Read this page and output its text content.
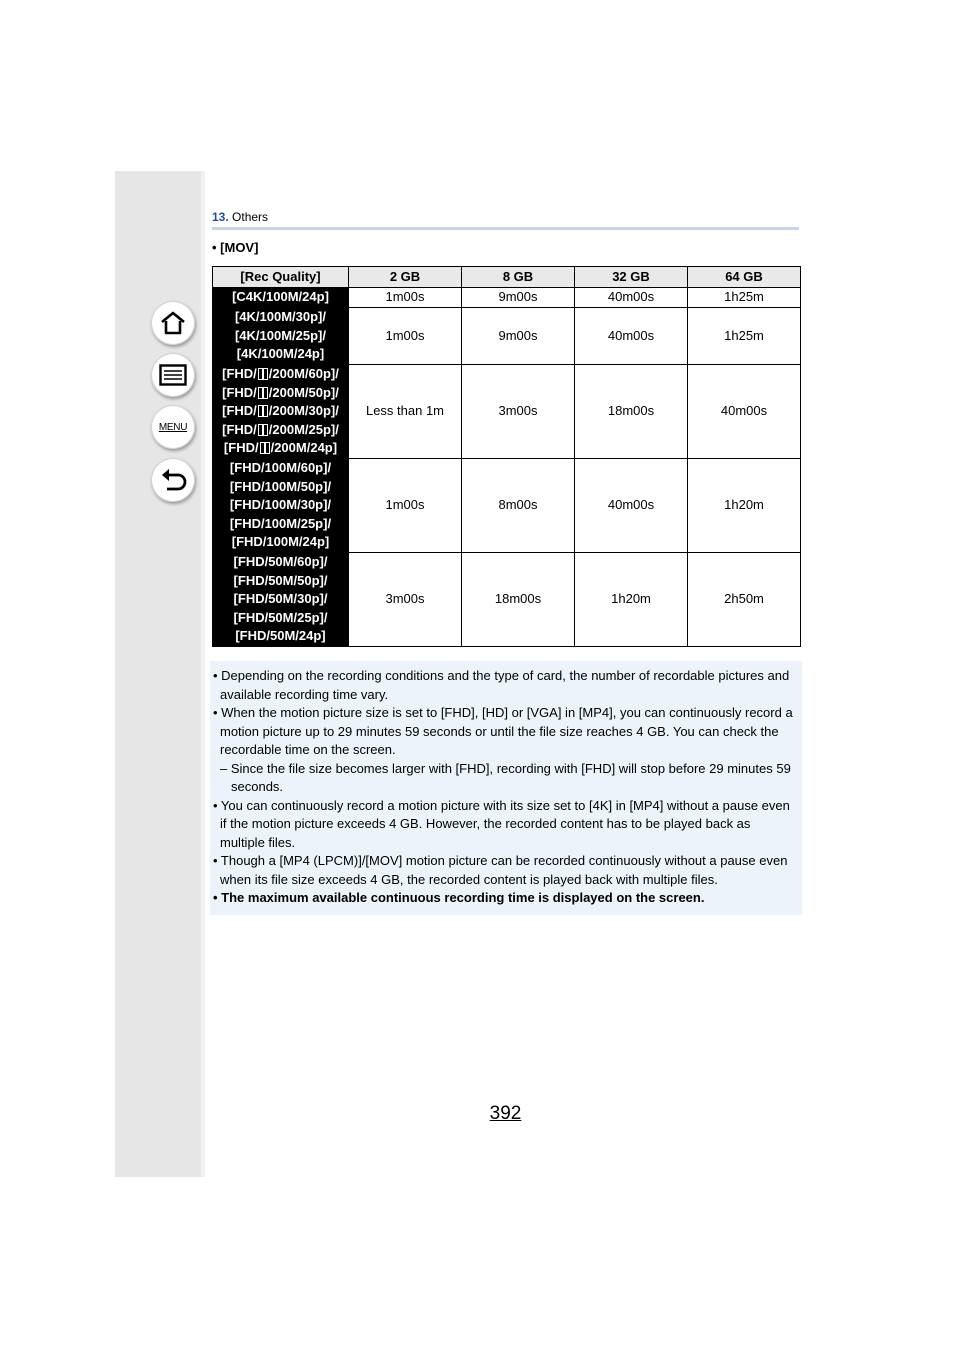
MENU
13. Others
• [MOV]
[Rec Quality]	2 GB	8 GB	32 GB	64 GB

[C4K/100M/24p]	1m00s	9m00s	40m00s	1h25m

[4K/100M/30p]/
[4K/100M/25p]/
[4K/100M/24p]	1m00s	9m00s	40m00s	1h25m

[FHD/ /200M/60p]/
[FHD/ /200M/50p]/
[FHD/ /200M/30p]/
[FHD/ /200M/25p]/
[FHD/ /200M/24p]	Less than 1m	3m00s	18m00s	40m00s

[FHD/100M/60p]/
[FHD/100M/50p]/
[FHD/100M/30p]/
[FHD/100M/25p]/
[FHD/100M/24p]	1m00s	8m00s	40m00s	1h20m

[FHD/50M/60p]/
[FHD/50M/50p]/
[FHD/50M/30p]/
[FHD/50M/25p]/
[FHD/50M/24p]	3m00s	18m00s	1h20m	2h50m
• Depending on the recording conditions and the type of card, the number of recordable pictures and available recording time vary.
• When the motion picture size is set to [FHD], [HD] or [VGA] in [MP4], you can continuously record a motion picture up to 29 minutes 59 seconds or until the file size reaches 4 GB. You can check the recordable time on the screen.
– Since the file size becomes larger with [FHD], recording with [FHD] will stop before 29 minutes 59 seconds.
• You can continuously record a motion picture with its size set to [4K] in [MP4] without a pause even if the motion picture exceeds 4 GB. However, the recorded content has to be played back as multiple files.
• Though a [MP4 (LPCM)]/[MOV] motion picture can be recorded continuously without a pause even when its file size exceeds 4 GB, the recorded content is played back with multiple files.
• The maximum available continuous recording time is displayed on the screen.
392
